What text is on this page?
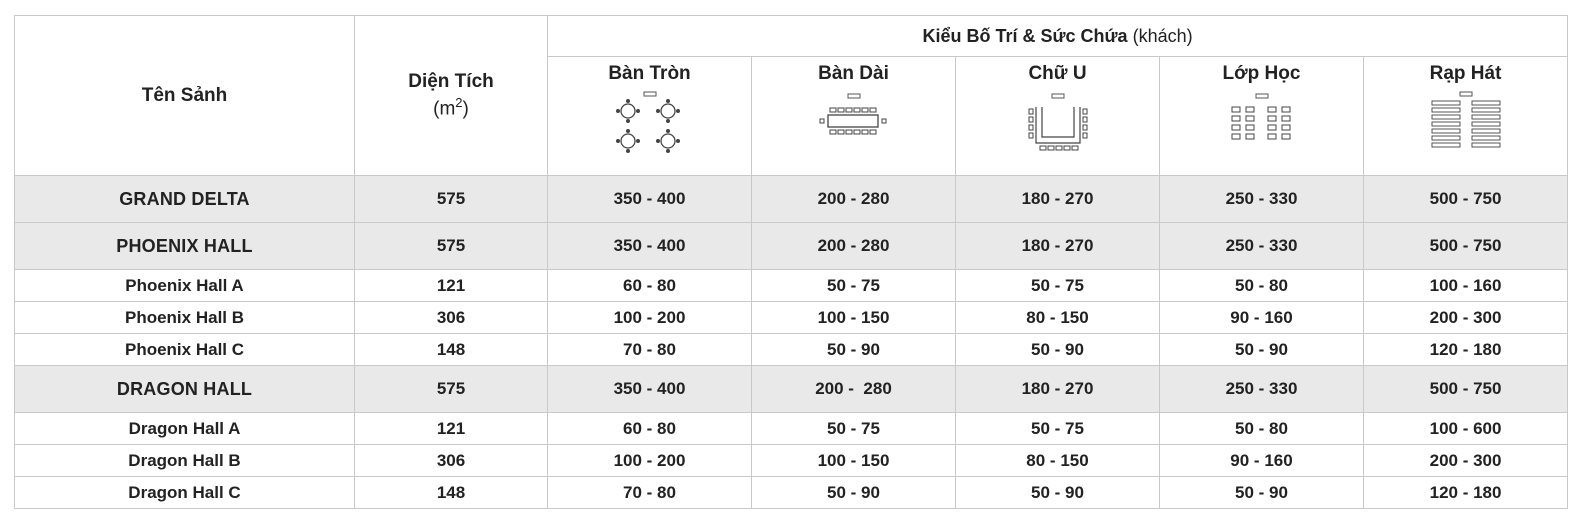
Tên Sảnh	Diện Tích
$(m^2)$	Kiểu Bố Trí & Sức Chứa (khách)				

		Bàn Tròn	Bàn Dài	Chữ U	Lớp Học	Rạp Hát

GRAND DELTA	575	350 - 400	200 - 280	180 - 270	250 - 330	500 - 750
PHOENIX HALL	575	350 - 400	200 - 280	180 - 270	250 - 330	500 - 750
Phoenix Hall A	121	60 - 80	50 - 75	50 - 75	50 - 80	100 - 160
Phoenix Hall B	306	100 - 200	100 - 150	80 - 150	90 - 160	200 - 300
Phoenix Hall C	148	70 - 80	50 - 90	50 - 90	50 - 90	120 - 180
DRAGON HALL	575	350 - 400	200 -  280	180 - 270	250 - 330	500 - 750
Dragon Hall A	121	60 - 80	50 - 75	50 - 75	50 - 80	100 - 600
Dragon Hall B	306	100 - 200	100 - 150	80 - 150	90 - 160	200 - 300
Dragon Hall C	148	70 - 80	50 - 90	50 - 90	50 - 90	120 - 180
